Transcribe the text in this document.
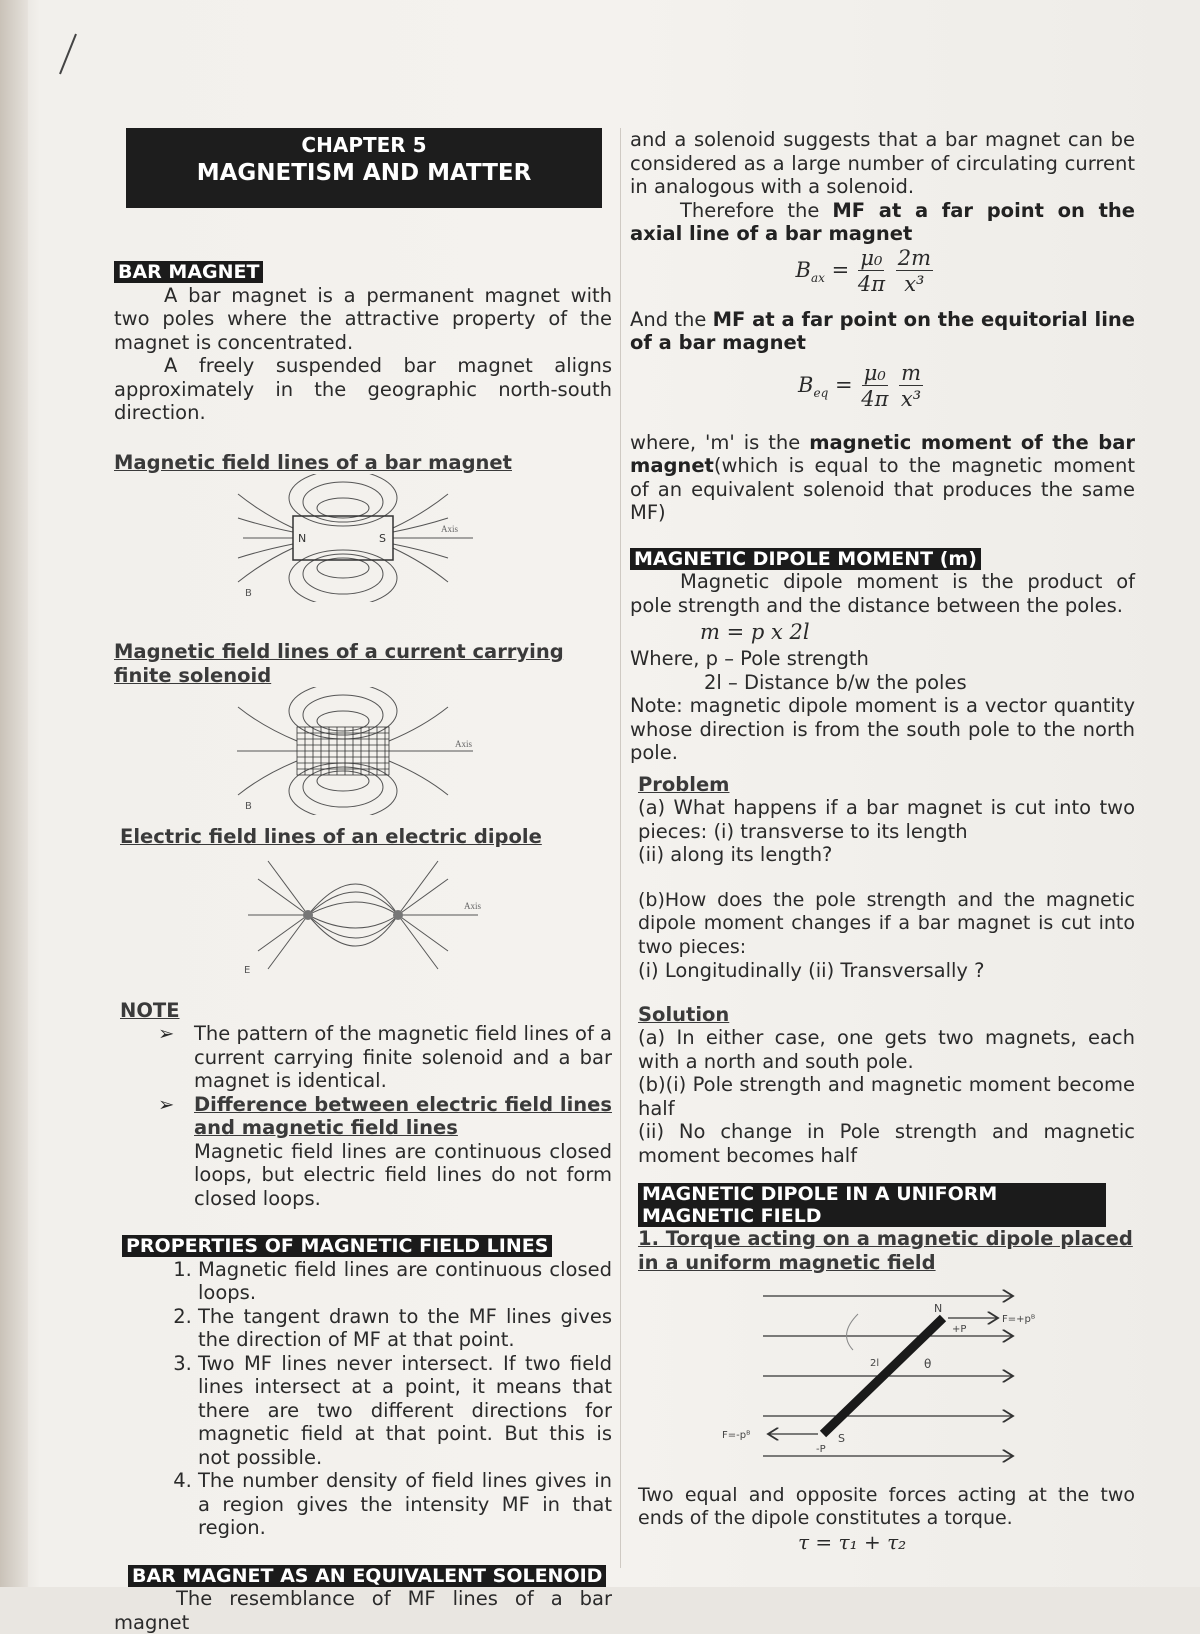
CHAPTER 5
MAGNETISM AND MATTER
BAR MAGNET

A bar magnet is a permanent magnet with two poles where the attractive property of the magnet is concentrated.

A freely suspended bar magnet aligns approximately in the geographic north-south direction.

Magnetic field lines of a bar magnet
N	S
Axis
B
Magnetic field lines of a current carrying finite solenoid
Axis
B
Electric field lines of an electric dipole
Axis
E
NOTE
➢	The pattern of the magnetic field lines of a current carrying finite solenoid and a bar magnet is identical.

➢	Difference between electric field lines and magnetic field lines

Magnetic field lines are continuous closed loops, but electric field lines do not form closed loops.

PROPERTIES OF MAGNETIC FIELD LINES
1. Magnetic field lines are continuous closed loops.
2. The tangent drawn to the MF lines gives the direction of MF at that point.
3. Two MF lines never intersect. If two field lines intersect at a point, it means that there are two different directions for magnetic field at that point. But this is not possible.
4. The number density of field lines gives in a region gives the intensity MF in that region.
BAR MAGNET AS AN EQUIVALENT SOLENOID

The resemblance of MF lines of a bar magnet

and a solenoid suggests that a bar magnet can be considered as a large number of circulating current in analogous with a solenoid.

Therefore the MF at a far point on the axial line of a bar magnet

$B_{ax} = \frac{\text{μ₀}}{4\pi}$
$\frac{2m}{\text{x³}}$

And the MF at a far point on the equitorial line of a bar magnet

$B_{eq} = \frac{\text{μ₀}}{4\pi}$
$\frac{m}{\text{x³}}$

where, 'm' is the magnetic moment of the bar magnet(which is equal to the magnetic moment of an equivalent solenoid that produces the same MF)

MAGNETIC DIPOLE MOMENT (m)

Magnetic dipole moment is the product of pole strength and the distance between the poles.

m = p x 2l
Where, p – Pole strength
2l – Distance b/w the poles

Note: magnetic dipole moment is a vector quantity whose direction is from the south pole to the north pole.

Problem

(a) What happens if a bar magnet is cut into two pieces: (i) transverse to its length

(ii) along its length?

(b)How does the pole strength and the magnetic dipole moment changes if a bar magnet is cut into two pieces:

(i) Longitudinally (ii) Transversally ?

Solution

(a) In either case, one gets two magnets, each with a north and south pole.

(b)(i) Pole strength and magnetic moment become half

(ii) No change in Pole strength and magnetic moment becomes half

MAGNETIC DIPOLE IN A UNIFORM MAGNETIC FIELD
1. Torque acting on a magnetic dipole placed in a uniform magnetic field
N
S
+P
-P
F=+pᴮ
F=-pᴮ
θ
2l

Two equal and opposite forces acting at the two ends of the dipole constitutes a torque.

τ = τ₁ + τ₂
